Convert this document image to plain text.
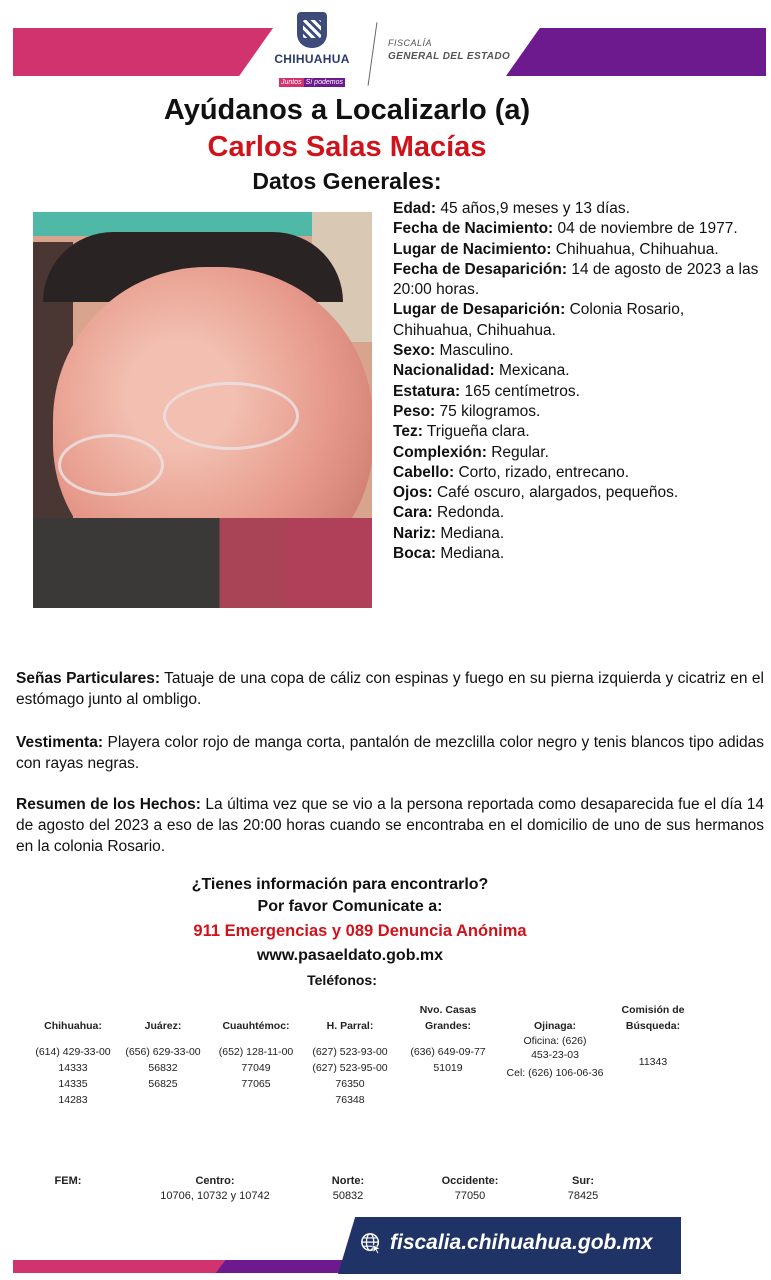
CHIHUAHUA
Juntos Sí podemos
FISCALÍA
GENERAL DEL ESTADO
Ayúdanos a Localizarlo (a)
Carlos Salas Macías
Datos Generales:

Edad: 45 años,9 meses y 13 días.

Fecha de Nacimiento: 04 de noviembre de 1977.

Lugar de Nacimiento: Chihuahua, Chihuahua.

Fecha de Desaparición: 14 de agosto de 2023 a las 20:00 horas.

Lugar de Desaparición: Colonia Rosario, Chihuahua, Chihuahua.

Sexo: Masculino.

Nacionalidad: Mexicana.

Estatura: 165 centímetros.

Peso: 75 kilogramos.

Tez: Trigueña clara.

Complexión: Regular.

Cabello: Corto, rizado, entrecano.

Ojos: Café oscuro, alargados, pequeños.

Cara: Redonda.

Nariz: Mediana.

Boca: Mediana.

Señas Particulares: Tatuaje de una copa de cáliz con espinas y fuego en su pierna izquierda y cicatriz en el estómago junto al ombligo.
Vestimenta: Playera color rojo de manga corta, pantalón de mezclilla color negro y tenis blancos tipo adidas con rayas negras.
Resumen de los Hechos: La última vez que se vio a la persona reportada como desaparecida fue el día 14 de agosto del 2023 a eso de las 20:00 horas cuando se encontraba en el domicilio de uno de sus hermanos en la colonia Rosario.
¿Tienes información para encontrarlo?
Por favor Comunicate a:
911 Emergencias y 089 Denuncia Anónima
www.pasaeldato.gob.mx
Teléfonos:
Chihuahua:
(614) 429-33-00
14333
14335
14283
Juárez:
(656) 629-33-00
56832
56825
Cuauhtémoc:
(652) 128-11-00
77049
77065
H. Parral:
(627) 523-93-00
(627) 523-95-00
76350
76348
Nvo. Casas Grandes:
(636) 649-09-77
51019
Ojinaga:
Oficina: (626) 453-23-03
Cel: (626) 106-06-36
Comisión de Búsqueda:
11343
FEM:	Centro:
10706, 10732 y 10742
Norte:
50832
Occidente:
77050
Sur:
78425
fiscalia.chihuahua.gob.mx
